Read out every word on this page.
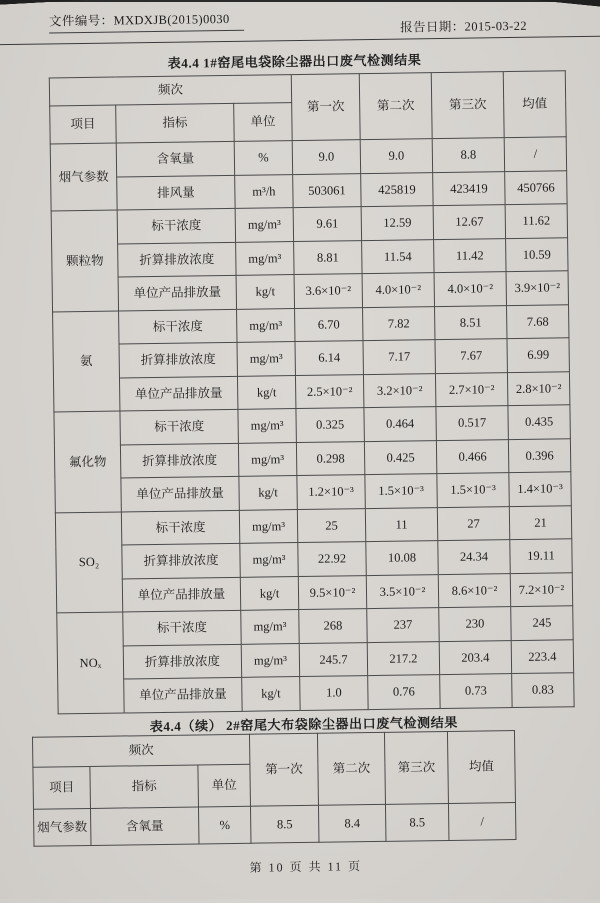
文件编号：MXDXJB(2015)0030	报告日期：2015-03-22
表4.4 1#窑尾电袋除尘器出口废气检测结果
频次			第一次	第二次	第三次	均值
项目	指标	单位				
烟气参数	含氧量	%	9.0	9.0	8.8	/
	排风量	m³/h	503061	425819	423419	450766
颗粒物	标干浓度	mg/m³	9.61	12.59	12.67	11.62
	折算排放浓度	mg/m³	8.81	11.54	11.42	10.59
	单位产品排放量	kg/t	3.6×10⁻²	4.0×10⁻²	4.0×10⁻²	3.9×10⁻²
氨	标干浓度	mg/m³	6.70	7.82	8.51	7.68
	折算排放浓度	mg/m³	6.14	7.17	7.67	6.99
	单位产品排放量	kg/t	2.5×10⁻²	3.2×10⁻²	2.7×10⁻²	2.8×10⁻²
氟化物	标干浓度	mg/m³	0.325	0.464	0.517	0.435
	折算排放浓度	mg/m³	0.298	0.425	0.466	0.396
	单位产品排放量	kg/t	1.2×10⁻³	1.5×10⁻³	1.5×10⁻³	1.4×10⁻³
SO₂	标干浓度	mg/m³	25	11	27	21
	折算排放浓度	mg/m³	22.92	10.08	24.34	19.11
	单位产品排放量	kg/t	9.5×10⁻²	3.5×10⁻²	8.6×10⁻²	7.2×10⁻²
NOₓ	标干浓度	mg/m³	268	237	230	245
	折算排放浓度	mg/m³	245.7	217.2	203.4	223.4
	单位产品排放量	kg/t	1.0	0.76	0.73	0.83
表4.4（续） 2#窑尾大布袋除尘器出口废气检测结果
频次			第一次	第二次	第三次	均值
项目	指标	单位				
烟气参数	含氧量	%	8.5	8.4	8.5	/
第 10 页 共 11 页
